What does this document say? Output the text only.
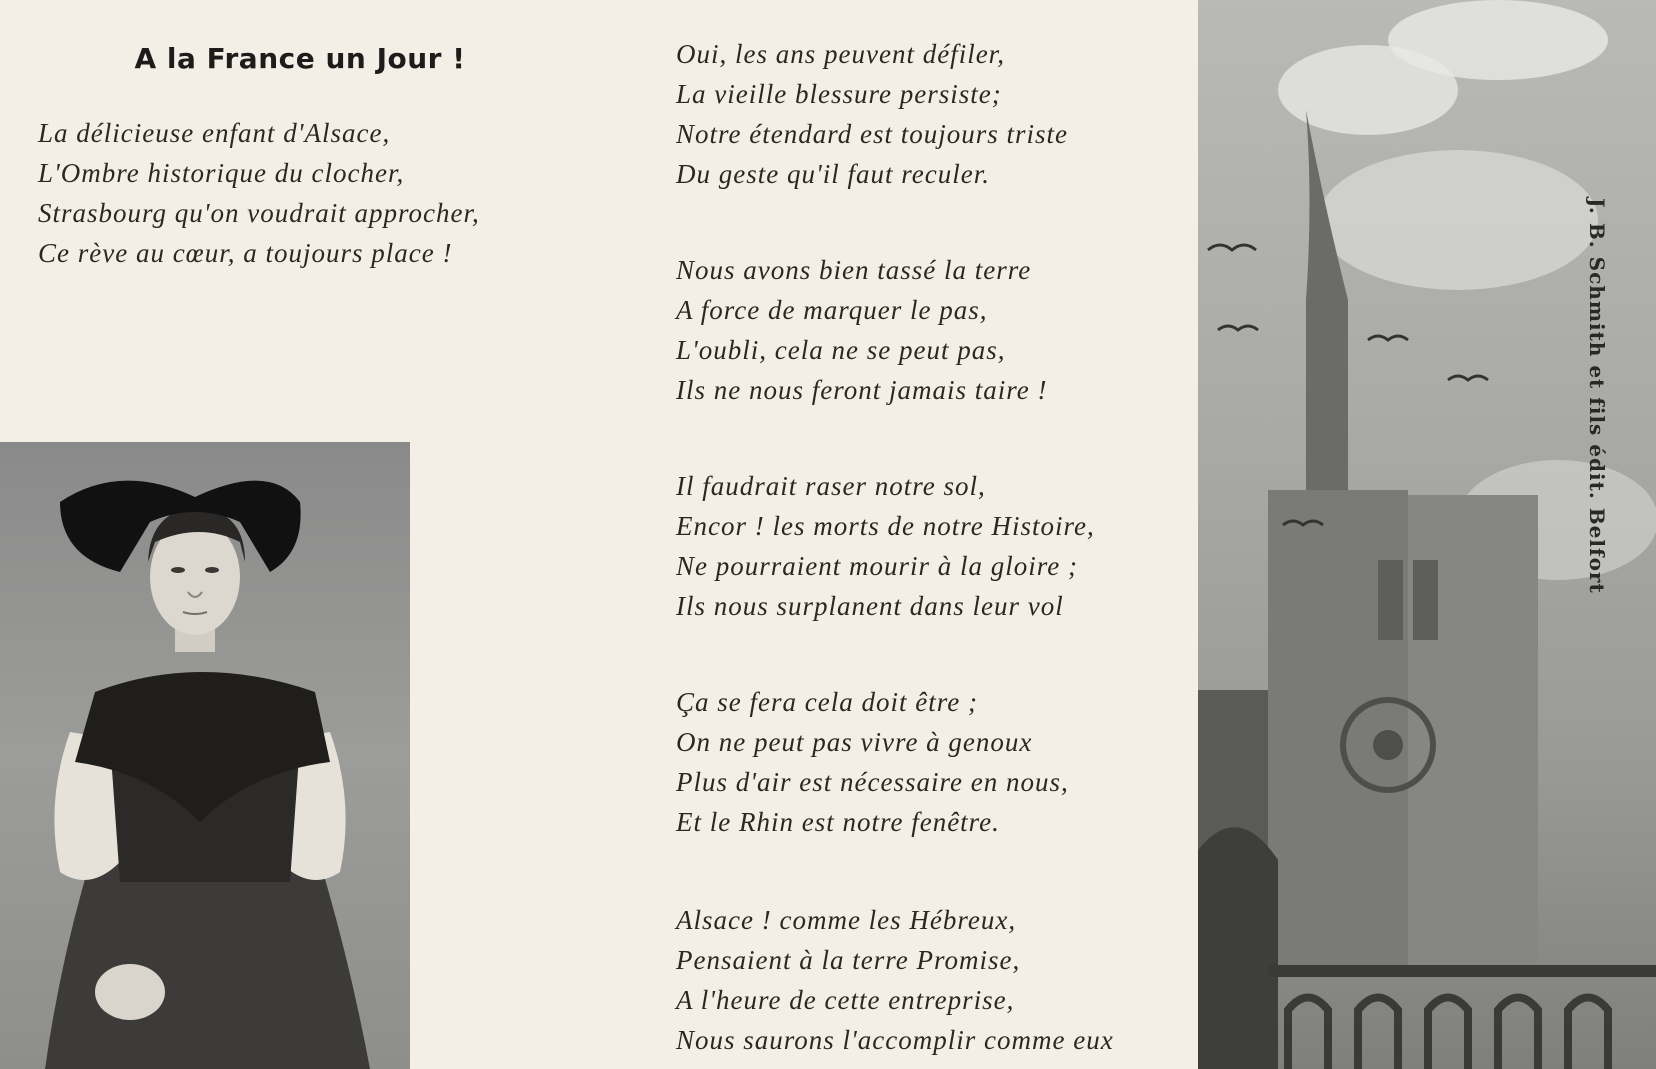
A la France un Jour !
La délicieuse enfant d'Alsace,
L'Ombre historique du clocher,
Strasbourg qu'on voudrait approcher,
Ce rève au cœur, a toujours place !
Oui, les ans peuvent défiler,
La vieille blessure persiste;
Notre étendard est toujours triste
Du geste qu'il faut reculer.
Nous avons bien tassé la terre
A force de marquer le pas,
L'oubli, cela ne se peut pas,
Ils ne nous feront jamais taire !
Il faudrait raser notre sol,
Encor ! les morts de notre Histoire,
Ne pourraient mourir à la gloire ;
Ils nous surplanent dans leur vol
Ça se fera cela doit être ;
On ne peut pas vivre à genoux
Plus d'air est nécessaire en nous,
Et le Rhin est notre fenêtre.
Alsace ! comme les Hébreux,
Pensaient à la terre Promise,
A l'heure de cette entreprise,
Nous saurons l'accomplir comme eux
J. B. Schmith et fils édit. Belfort
